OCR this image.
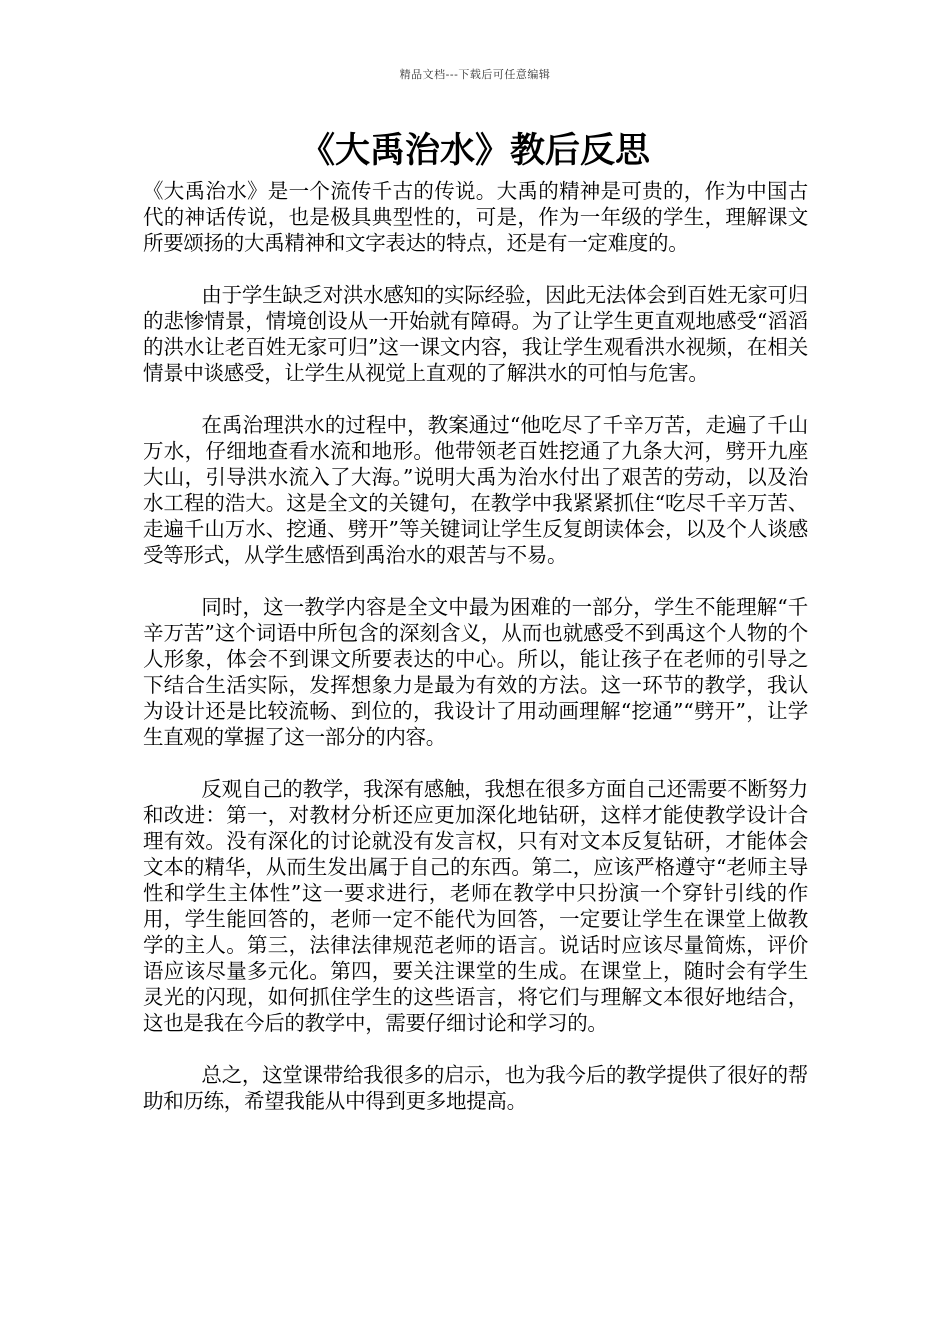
精品文档---下载后可任意编辑
《大禹治水》教后反思

《大禹治水》是一个流传千古的传说。大禹的精神是可贵的，作为中国古代的神话传说，也是极具典型性的，可是，作为一年级的学生，理解课文所要颂扬的大禹精神和文字表达的特点，还是有一定难度的。

由于学生缺乏对洪水感知的实际经验，因此无法体会到百姓无家可归的悲惨情景，情境创设从一开始就有障碍。为了让学生更直观地感受“滔滔的洪水让老百姓无家可归”这一课文内容，我让学生观看洪水视频，在相关情景中谈感受，让学生从视觉上直观的了解洪水的可怕与危害。

在禹治理洪水的过程中，教案通过“他吃尽了千辛万苦，走遍了千山万水，仔细地查看水流和地形。他带领老百姓挖通了九条大河，劈开九座大山，引导洪水流入了大海。”说明大禹为治水付出了艰苦的劳动，以及治水工程的浩大。这是全文的关键句，在教学中我紧紧抓住“吃尽千辛万苦、走遍千山万水、挖通、劈开”等关键词让学生反复朗读体会，以及个人谈感受等形式，从学生感悟到禹治水的艰苦与不易。

同时，这一教学内容是全文中最为困难的一部分，学生不能理解“千辛万苦”这个词语中所包含的深刻含义，从而也就感受不到禹这个人物的个人形象，体会不到课文所要表达的中心。所以，能让孩子在老师的引导之下结合生活实际，发挥想象力是最为有效的方法。这一环节的教学，我认为设计还是比较流畅、到位的，我设计了用动画理解“挖通”“劈开”，让学生直观的掌握了这一部分的内容。

反观自己的教学，我深有感触，我想在很多方面自己还需要不断努力和改进：第一，对教材分析还应更加深化地钻研，这样才能使教学设计合理有效。没有深化的讨论就没有发言权，只有对文本反复钻研，才能体会文本的精华，从而生发出属于自己的东西。第二，应该严格遵守“老师主导性和学生主体性”这一要求进行，老师在教学中只扮演一个穿针引线的作用，学生能回答的，老师一定不能代为回答，一定要让学生在课堂上做教学的主人。第三，法律法律规范老师的语言。说话时应该尽量简炼，评价语应该尽量多元化。第四，要关注课堂的生成。在课堂上，随时会有学生灵光的闪现，如何抓住学生的这些语言，将它们与理解文本很好地结合，这也是我在今后的教学中，需要仔细讨论和学习的。

总之，这堂课带给我很多的启示，也为我今后的教学提供了很好的帮助和历练，希望我能从中得到更多地提高。
